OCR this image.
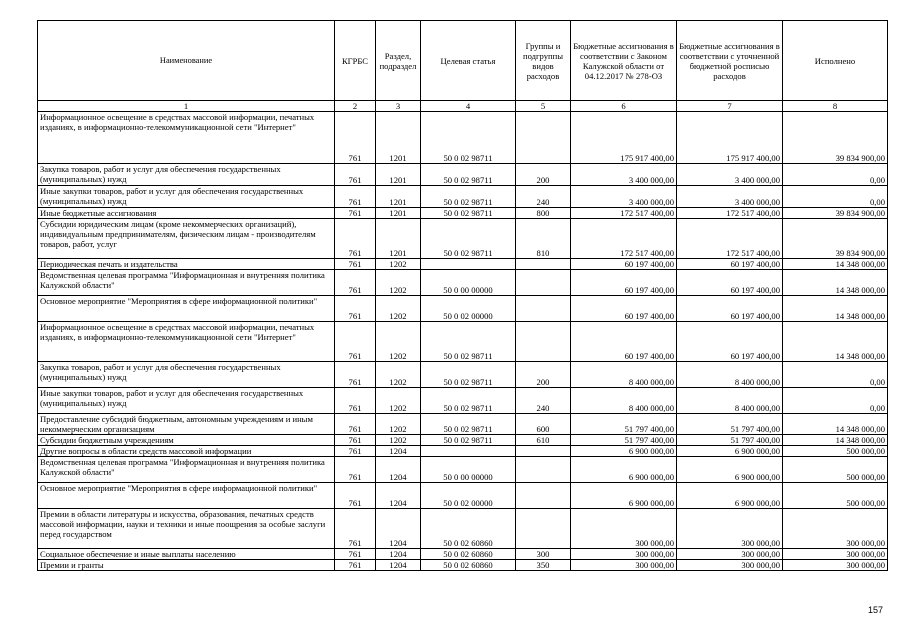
Наименование	КГРБС	Раздел, подраздел	Целевая статья	Группы и подгруппы видов расходов	Бюджетные ассигнования в соответствии с Законом Калужской области от 04.12.2017 № 278-ОЗ	Бюджетные ассигнования в соответствии с уточненной бюджетной росписью расходов	Исполнено
1	2	3	4	5	6	7	8
Информационное освещение в средствах массовой информации, печатных изданиях, в информационно-телекоммуникационной сети "Интернет"	761	1201	50 0 02 98711		175 917 400,00	175 917 400,00	39 834 900,00
Закупка товаров, работ и услуг для обеспечения государственных (муниципальных) нужд	761	1201	50 0 02 98711	200	3 400 000,00	3 400 000,00	0,00
Иные закупки товаров, работ и услуг для обеспечения государственных (муниципальных) нужд	761	1201	50 0 02 98711	240	3 400 000,00	3 400 000,00	0,00
Иные бюджетные ассигнования	761	1201	50 0 02 98711	800	172 517 400,00	172 517 400,00	39 834 900,00
Субсидии юридическим лицам (кроме некоммерческих организаций), индивидуальным предпринимателям, физическим лицам - производителям товаров, работ, услуг	761	1201	50 0 02 98711	810	172 517 400,00	172 517 400,00	39 834 900,00
Периодическая печать и издательства	761	1202			60 197 400,00	60 197 400,00	14 348 000,00
Ведомственная целевая программа "Информационная и внутренняя политика Калужской области"	761	1202	50 0 00 00000		60 197 400,00	60 197 400,00	14 348 000,00
Основное мероприятие "Мероприятия в сфере информационной политики"	761	1202	50 0 02 00000		60 197 400,00	60 197 400,00	14 348 000,00
Информационное освещение в средствах массовой информации, печатных изданиях, в информационно-телекоммуникационной сети "Интернет"	761	1202	50 0 02 98711		60 197 400,00	60 197 400,00	14 348 000,00
Закупка товаров, работ и услуг для обеспечения государственных (муниципальных) нужд	761	1202	50 0 02 98711	200	8 400 000,00	8 400 000,00	0,00
Иные закупки товаров, работ и услуг для обеспечения государственных (муниципальных) нужд	761	1202	50 0 02 98711	240	8 400 000,00	8 400 000,00	0,00
Предоставление субсидий бюджетным, автономным учреждениям и иным некоммерческим организациям	761	1202	50 0 02 98711	600	51 797 400,00	51 797 400,00	14 348 000,00
Субсидии бюджетным учреждениям	761	1202	50 0 02 98711	610	51 797 400,00	51 797 400,00	14 348 000,00
Другие вопросы в области средств массовой информации	761	1204			6 900 000,00	6 900 000,00	500 000,00
Ведомственная целевая программа "Информационная и внутренняя политика Калужской области"	761	1204	50 0 00 00000		6 900 000,00	6 900 000,00	500 000,00
Основное мероприятие "Мероприятия в сфере информационной политики"	761	1204	50 0 02 00000		6 900 000,00	6 900 000,00	500 000,00
Премии в области литературы и искусства, образования, печатных средств массовой информации, науки и техники и иные поощрения за особые заслуги перед государством	761	1204	50 0 02 60860		300 000,00	300 000,00	300 000,00
Социальное обеспечение и иные выплаты населению	761	1204	50 0 02 60860	300	300 000,00	300 000,00	300 000,00
Премии и гранты	761	1204	50 0 02 60860	350	300 000,00	300 000,00	300 000,00
157
